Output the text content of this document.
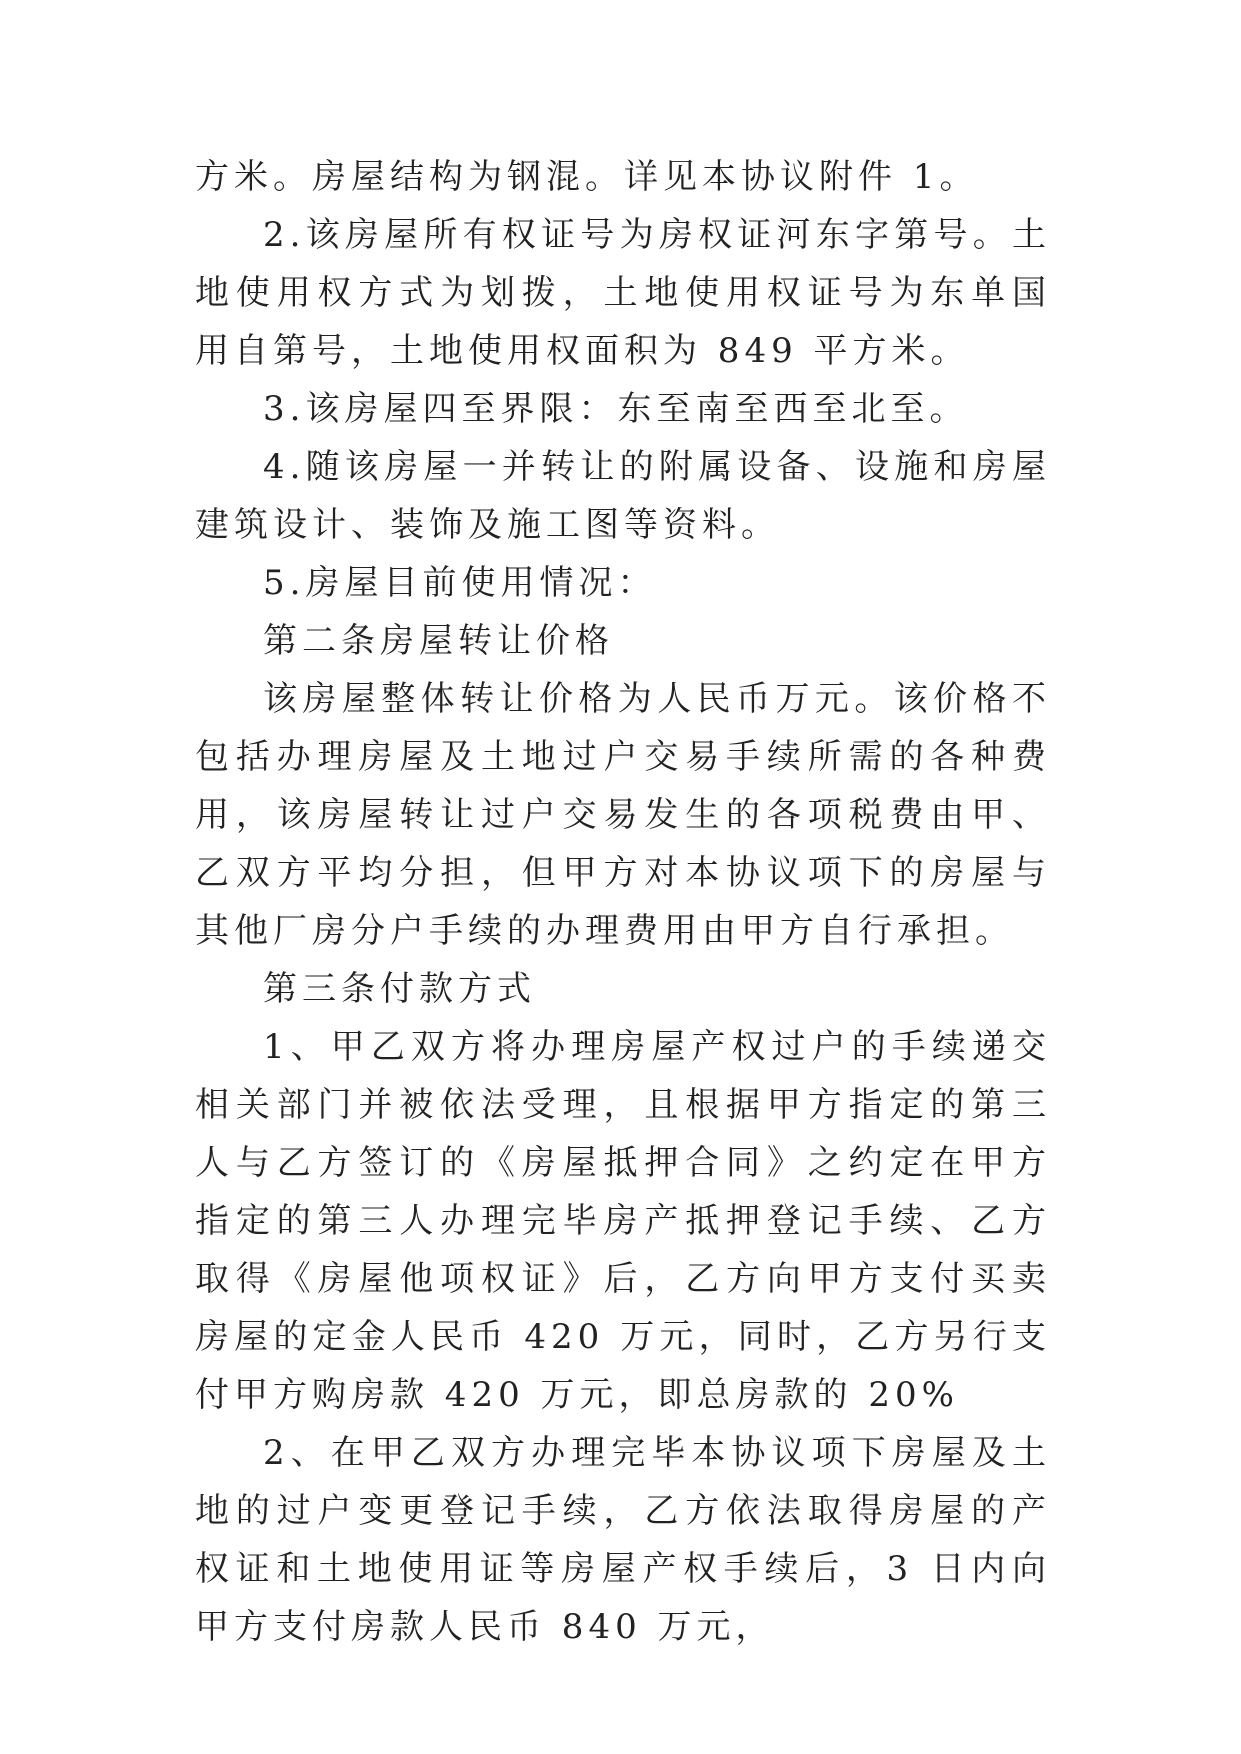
方米。房屋结构为钢混。详见本协议附件 1。

2.该房屋所有权证号为房权证河东字第号。土地使用权方式为划拨，土地使用权证号为东单国用自第号，土地使用权面积为 849 平方米。

3.该房屋四至界限：东至南至西至北至。

4.随该房屋一并转让的附属设备、设施和房屋建筑设计、装饰及施工图等资料。

5.房屋目前使用情况：

第二条房屋转让价格

该房屋整体转让价格为人民币万元。该价格不包括办理房屋及土地过户交易手续所需的各种费用，该房屋转让过户交易发生的各项税费由甲、乙双方平均分担，但甲方对本协议项下的房屋与其他厂房分户手续的办理费用由甲方自行承担。

第三条付款方式

1、甲乙双方将办理房屋产权过户的手续递交相关部门并被依法受理，且根据甲方指定的第三人与乙方签订的《房屋抵押合同》之约定在甲方指定的第三人办理完毕房产抵押登记手续、乙方取得《房屋他项权证》后，乙方向甲方支付买卖房屋的定金人民币 420 万元，同时，乙方另行支付甲方购房款 420 万元，即总房款的 20%

2、在甲乙双方办理完毕本协议项下房屋及土地的过户变更登记手续，乙方依法取得房屋的产权证和土地使用证等房屋产权手续后，3 日内向甲方支付房款人民币 840 万元，
